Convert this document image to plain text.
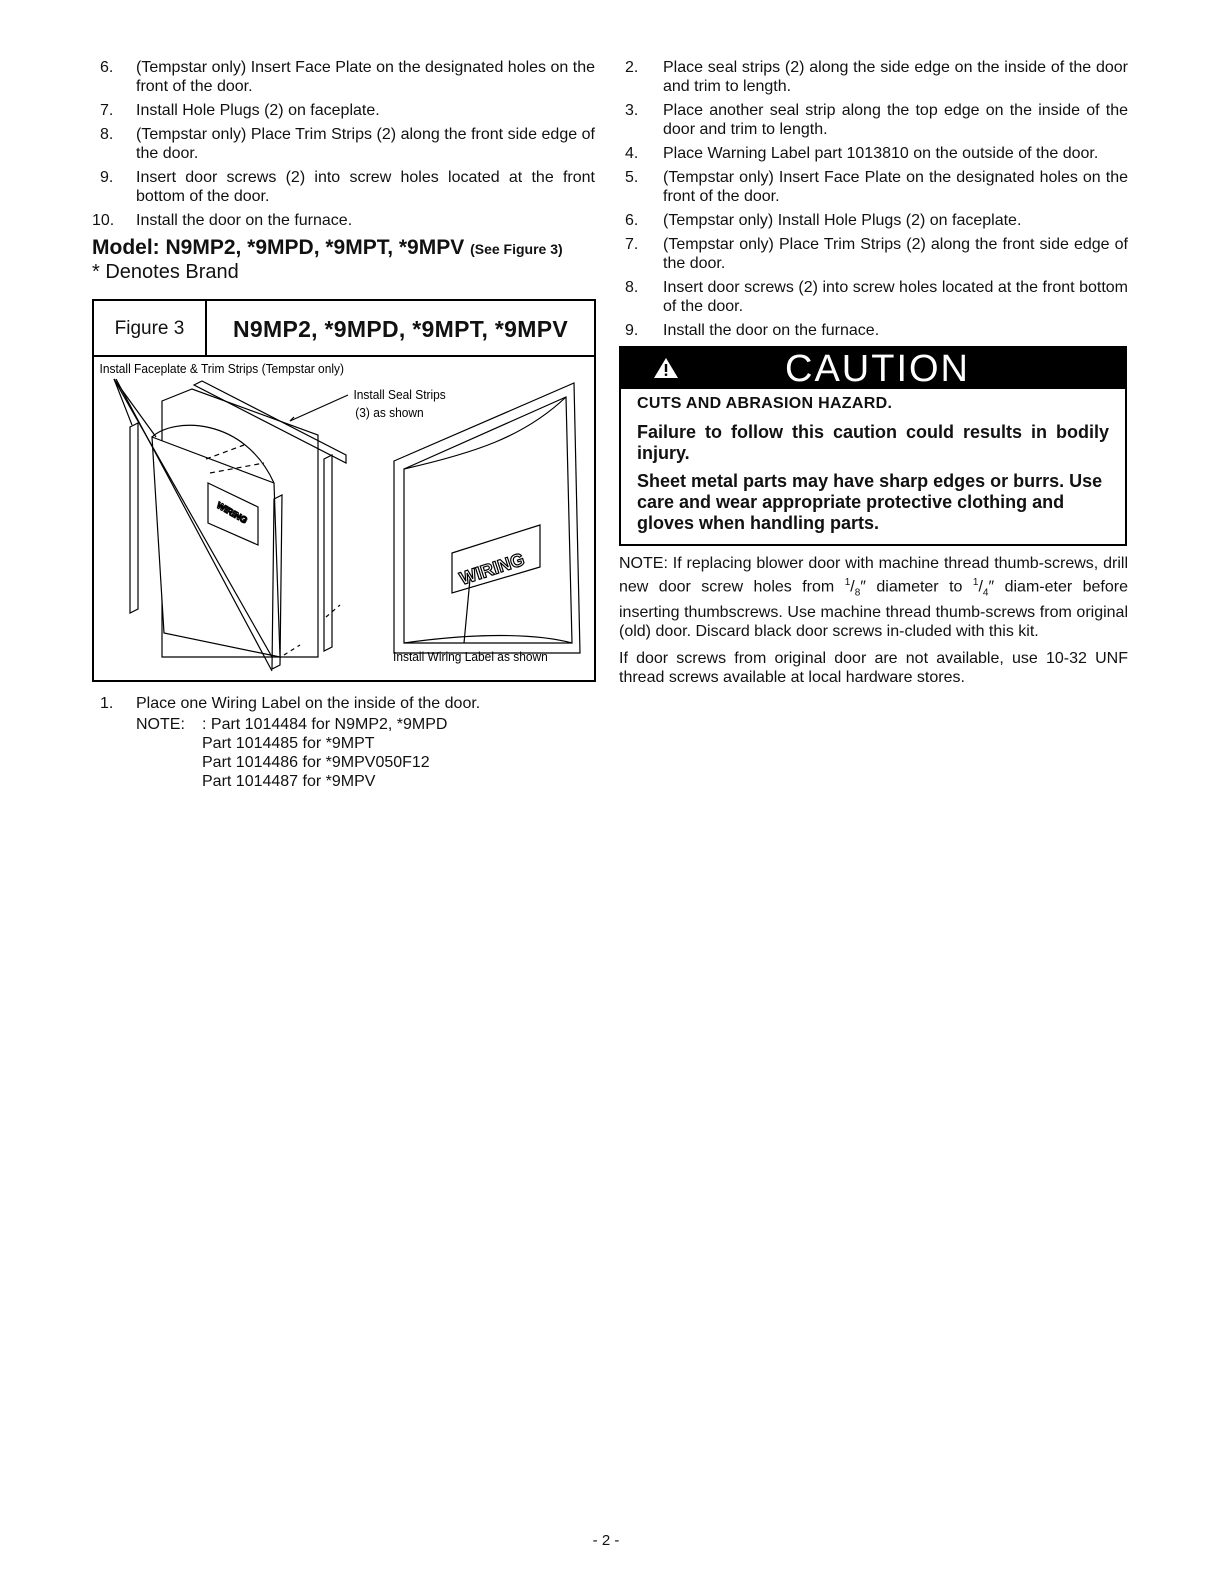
6. (Tempstar only) Insert Face Plate on the designated holes on the front of the door.
7. Install Hole Plugs (2) on faceplate.
8. (Tempstar only) Place Trim Strips (2) along the front side edge of the door.
9. Insert door screws (2) into screw holes located at the front bottom of the door.
10. Install the door on the furnace.
Model: N9MP2, *9MPD, *9MPT, *9MPV (See Figure 3)
* Denotes Brand
Figure 3	N9MP2, *9MPD, *9MPT, *9MPV
Install Faceplate & Trim Strips (Tempstar only)
WIRING
WIRING
Install Seal Strips
(3) as shown
Install Wiring Label as shown
1. Place one Wiring Label on the inside of the door.
NOTE: : Part 1014484 for N9MP2, *9MPD
Part 1014485 for *9MPT
Part 1014486 for *9MPV050F12
Part 1014487 for *9MPV
2. Place seal strips (2) along the side edge on the inside of the door and trim to length.
3. Place another seal strip along the top edge on the inside of the door and trim to length.
4. Place Warning Label part 1013810 on the outside of the door.
5. (Tempstar only) Insert Face Plate on the designated holes on the front of the door.
6. (Tempstar only) Install Hole Plugs (2) on faceplate.
7. (Tempstar only) Place Trim Strips (2) along the front side edge of the door.
8. Insert door screws (2) into screw holes located at the front bottom of the door.
9. Install the door on the furnace.
CAUTION
CUTS AND ABRASION HAZARD.
Failure to follow this caution could results in bodily injury.
Sheet metal parts may have sharp edges or burrs. Use care and wear appropriate protective clothing and gloves when handling parts.
NOTE: If replacing blower door with machine thread thumb-screws, drill new door screw holes from $^1/_8''$ diameter to $^1/_4''$ diam-eter before inserting thumbscrews. Use machine thread thumb-screws from original (old) door. Discard black door screws in-cluded with this kit.
If door screws from original door are not available, use 10-32 UNF thread screws available at local hardware stores.
- 2 -
